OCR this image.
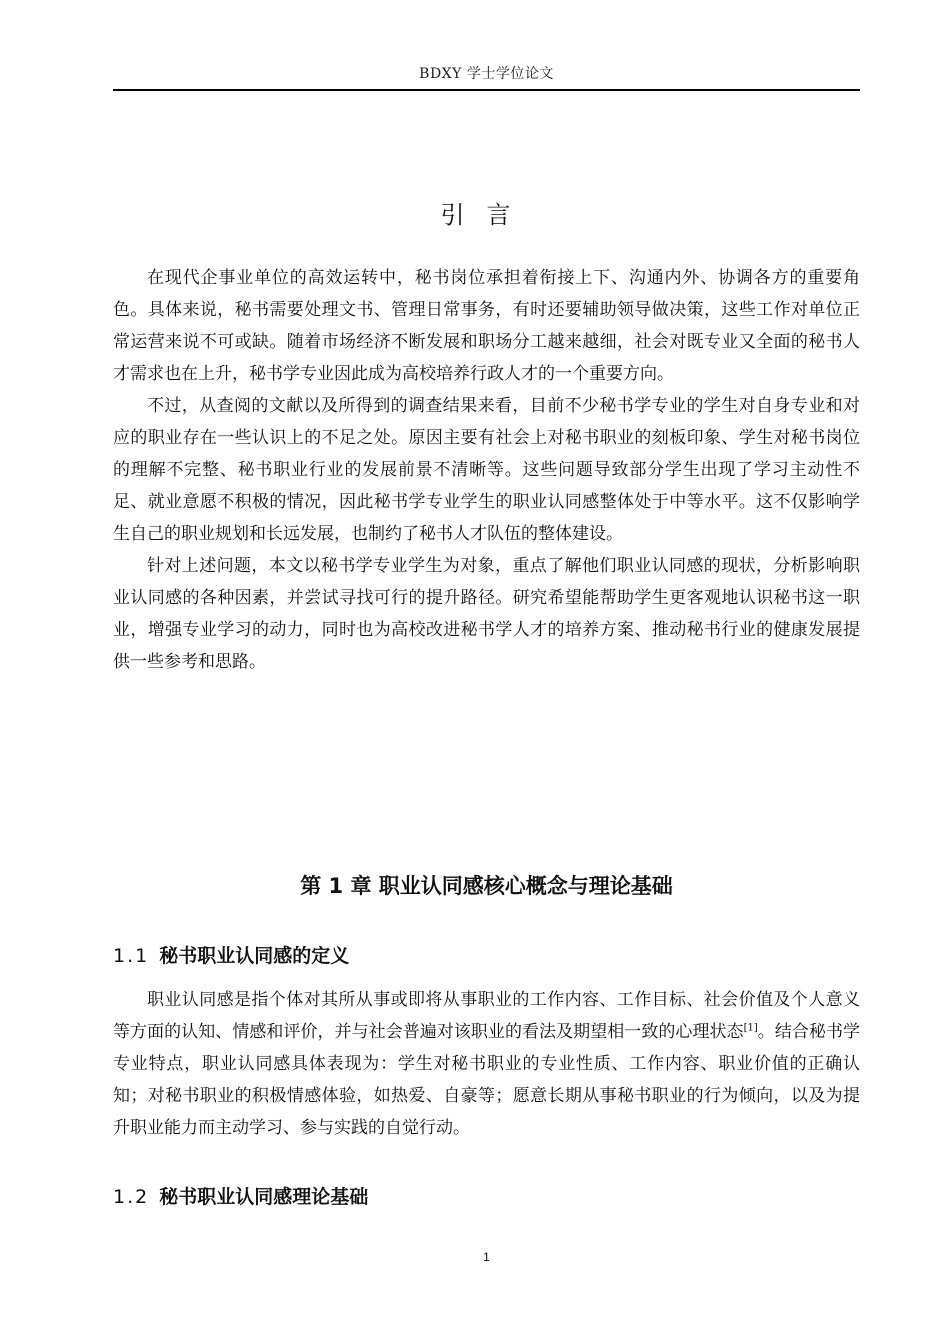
BDXY 学士学位论文
引言

在现代企事业单位的高效运转中，秘书岗位承担着衔接上下、沟通内外、协调各方的重要角色。具体来说，秘书需要处理文书、管理日常事务，有时还要辅助领导做决策，这些工作对单位正常运营来说不可或缺。随着市场经济不断发展和职场分工越来越细，社会对既专业又全面的秘书人才需求也在上升，秘书学专业因此成为高校培养行政人才的一个重要方向。

不过，从查阅的文献以及所得到的调查结果来看，目前不少秘书学专业的学生对自身专业和对应的职业存在一些认识上的不足之处。原因主要有社会上对秘书职业的刻板印象、学生对秘书岗位的理解不完整、秘书职业行业的发展前景不清晰等。这些问题导致部分学生出现了学习主动性不足、就业意愿不积极的情况，因此秘书学专业学生的职业认同感整体处于中等水平。这不仅影响学生自己的职业规划和长远发展，也制约了秘书人才队伍的整体建设。

针对上述问题，本文以秘书学专业学生为对象，重点了解他们职业认同感的现状，分析影响职业认同感的各种因素，并尝试寻找可行的提升路径。研究希望能帮助学生更客观地认识秘书这一职业，增强专业学习的动力，同时也为高校改进秘书学人才的培养方案、推动秘书行业的健康发展提供一些参考和思路。

第 1 章 职业认同感核心概念与理论基础
1.1 秘书职业认同感的定义

职业认同感是指个体对其所从事或即将从事职业的工作内容、工作目标、社会价值及个人意义等方面的认知、情感和评价，并与社会普遍对该职业的看法及期望相一致的心理状态[1]。结合秘书学专业特点，职业认同感具体表现为：学生对秘书职业的专业性质、工作内容、职业价值的正确认知；对秘书职业的积极情感体验，如热爱、自豪等；愿意长期从事秘书职业的行为倾向，以及为提升职业能力而主动学习、参与实践的自觉行动。

1.2 秘书职业认同感理论基础
1
